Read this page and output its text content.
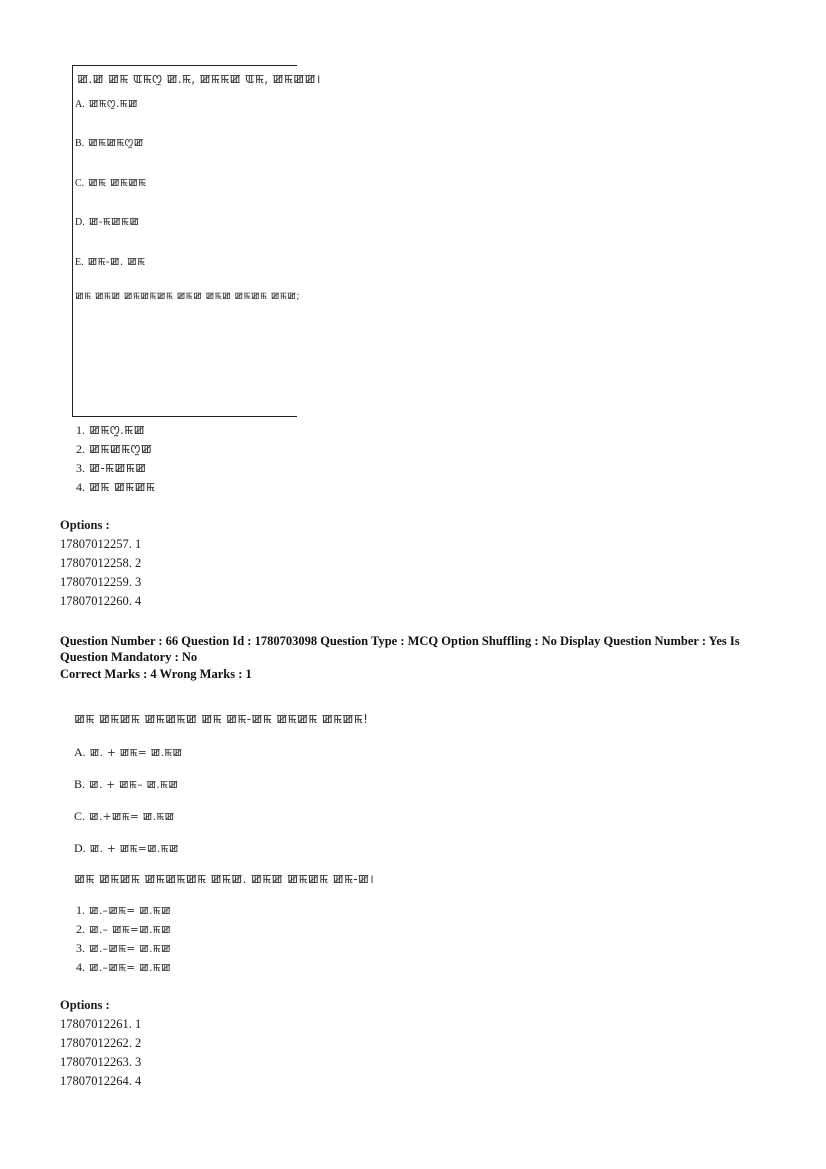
ꯀ.ꯀ ꯀꯃ ꯑꯃꯁꯨ ꯀ.ꯃ, ꯀꯃꯃꯀ ꯑꯃ, ꯀꯃꯀꯀ।
A. ꯀꯃꯁꯨ.ꯃꯀ
B. ꯀꯃꯀꯃꯁꯨꯀ
C. ꯀꯃ ꯀꯃꯀꯃ
D. ꯀ-ꯃꯀꯃꯀ
E. ꯀꯃ-ꯀ. ꯀꯃ
ꯀꯃ ꯀꯃꯀ ꯀꯃꯀꯃꯀꯃ ꯀꯃꯀ ꯀꯃꯀ ꯀꯃꯀꯃ ꯀꯃꯀ;
1. ꯀꯃꯁꯨ.ꯃꯀ
2. ꯀꯃꯀꯃꯁꯨꯀ
3. ꯀ-ꯃꯀꯃꯀ
4. ꯀꯃ ꯀꯃꯀꯃ
Options :
17807012257. 1
17807012258. 2
17807012259. 3
17807012260. 4
Question Number : 66 Question Id : 1780703098 Question Type : MCQ Option Shuffling : No Display Question Number : Yes Is
Question Mandatory : No
Correct Marks : 4 Wrong Marks : 1
ꯀꯃ ꯀꯃꯀꯃ ꯀꯃꯀꯃꯀ ꯀꯃ ꯀꯃ-ꯀꯃ ꯀꯃꯀꯃ ꯀꯃꯀꯃ!
A. ꯀ. + ꯀꯃ= ꯀ.ꯃꯀ
B. ꯀ. + ꯀꯃ– ꯀ.ꯃꯀ
C. ꯀ.+ꯀꯃ= ꯀ.ꯃꯀ
D. ꯀ. + ꯀꯃ=ꯀ.ꯃꯀ
ꯀꯃ ꯀꯃꯀꯃ ꯀꯃꯀꯃꯀꯃ ꯀꯃꯀ. ꯀꯃꯀ ꯀꯃꯀꯃ ꯀꯃ-ꯀ।
1. ꯀ.–ꯀꯃ= ꯀ.ꯃꯀ
2. ꯀ.– ꯀꯃ=ꯀ.ꯃꯀ
3. ꯀ.–ꯀꯃ= ꯀ.ꯃꯀ
4. ꯀ.–ꯀꯃ= ꯀ.ꯃꯀ
Options :
17807012261. 1
17807012262. 2
17807012263. 3
17807012264. 4
